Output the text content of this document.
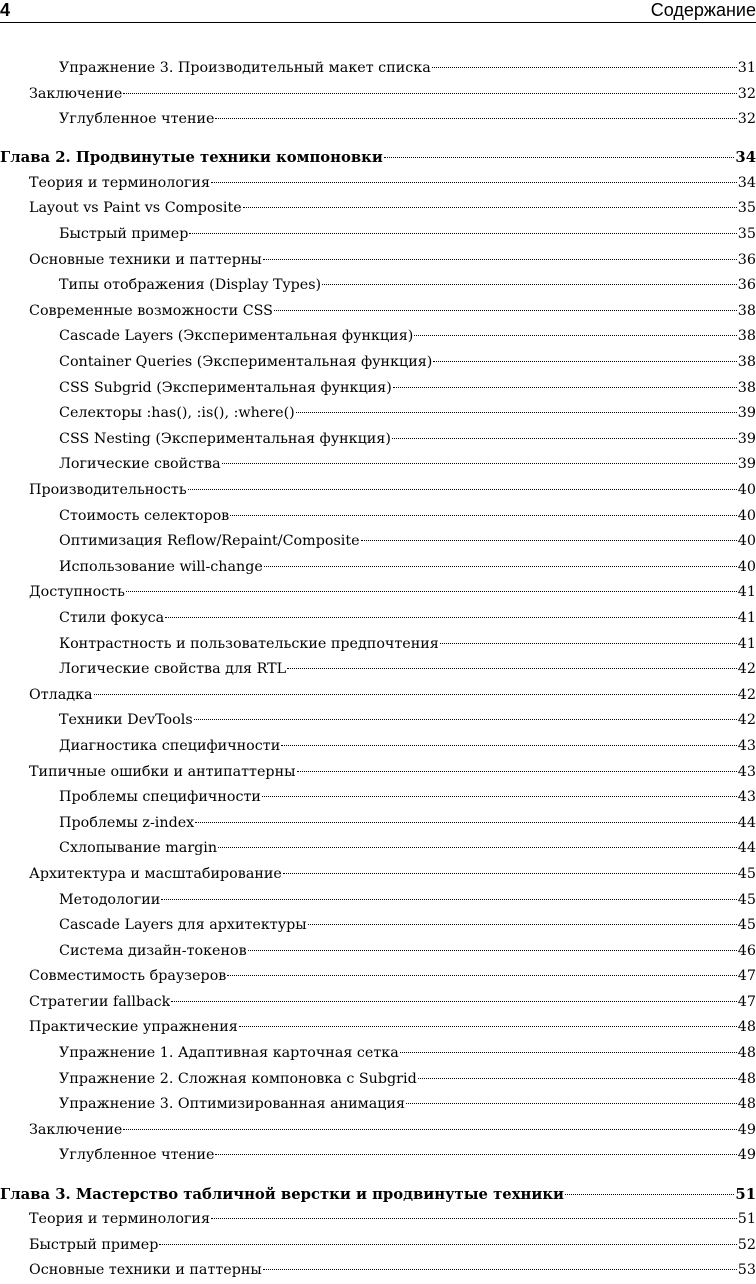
4	Содержание
Упражнение 3. Производительный макет списка	31
Заключение	32
Углубленное чтение	32
Глава 2. Продвинутые техники компоновки	34
Теория и терминология	34
Layout vs Paint vs Composite	35
Быстрый пример	35
Основные техники и паттерны	36
Типы отображения (Display Types)	36
Современные возможности CSS	38
Cascade Layers (Экспериментальная функция)	38
Container Queries (Экспериментальная функция)	38
CSS Subgrid (Экспериментальная функция)	38
Селекторы :has(), :is(), :where()	39
CSS Nesting (Экспериментальная функция)	39
Логические свойства	39
Производительность	40
Стоимость селекторов	40
Оптимизация Reflow/Repaint/Composite	40
Использование will-change	40
Доступность	41
Стили фокуса	41
Контрастность и пользовательские предпочтения	41
Логические свойства для RTL	42
Отладка	42
Техники DevTools	42
Диагностика специфичности	43
Типичные ошибки и антипаттерны	43
Проблемы специфичности	43
Проблемы z-index	44
Схлопывание margin	44
Архитектура и масштабирование	45
Методологии	45
Cascade Layers для архитектуры	45
Система дизайн-токенов	46
Совместимость браузеров	47
Стратегии fallback	47
Практические упражнения	48
Упражнение 1. Адаптивная карточная сетка	48
Упражнение 2. Сложная компоновка с Subgrid	48
Упражнение 3. Оптимизированная анимация	48
Заключение	49
Углубленное чтение	49
Глава 3. Мастерство табличной верстки и продвинутые техники	51
Теория и терминология	51
Быстрый пример	52
Основные техники и паттерны	53
